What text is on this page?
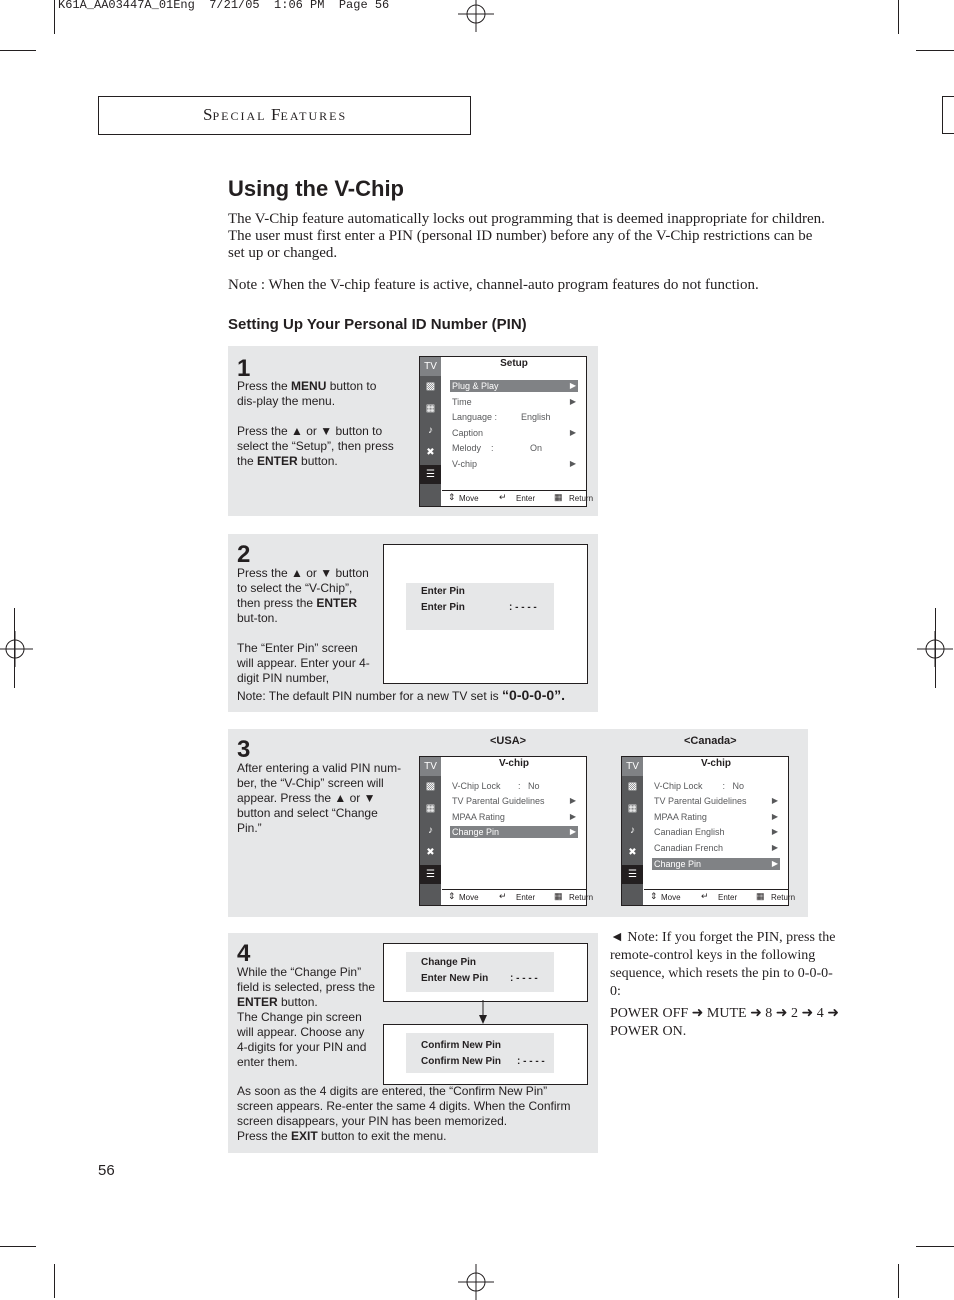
K61A_AA03447A_01Eng  7/21/05  1:06 PM  Page 56
SPECIAL FEATURES
Using the V-Chip
The V-Chip feature automatically locks out programming that is deemed inappropriate for children. The user must first enter a PIN (personal ID number) before any of the V-Chip restrictions can be set up or changed.
Note : When the V-chip feature is active, channel-auto program features do not function.
Setting Up Your Personal ID Number (PIN)
1
Press the MENU button to dis-play the menu.

Press the ▲ or ▼ button to select the “Setup”, then press the ENTER button.
TV
▩
▦
♪
✖
☰
Setup
Plug & Play	▶
Time	▶
Language :	English
Caption	▶
Melody    :	On
V-chip	▶
⇕ Move ↵ Enter ▦ Return
2
Press the ▲ or ▼ button to select the “V-Chip”, then press the ENTER but-ton.

The “Enter Pin” screen will appear. Enter your 4-digit PIN number,
Enter Pin
Enter Pin	: - - - -
Note: The default PIN number for a new TV set is “0-0-0-0”.
3
After entering a valid PIN num-ber, the “V-Chip” screen will appear. Press the ▲ or ▼ button and select “Change Pin.”
<USA>	<Canada>
TV
▩
▦
♪
✖
☰
V-chip
V-Chip Lock       :   No
TV Parental Guidelines	▶
MPAA Rating	▶
Change Pin	▶
⇕ Move ↵ Enter ▦ Return
TV
▩
▦
♪
✖
☰
V-chip
V-Chip Lock        :   No
TV Parental Guidelines	▶
MPAA Rating	▶
Canadian English	▶
Canadian French	▶
Change Pin	▶
⇕ Move ↵ Enter ▦ Return
4
While the “Change Pin” field is selected, press the ENTER button.
The Change pin screen will appear. Choose any 4-digits for your PIN and enter them.
Change Pin
Enter New Pin : - - - -
Confirm New Pin
Confirm New Pin : - - - -
As soon as the 4 digits are entered, the “Confirm New Pin” screen appears. Re-enter the same 4 digits. When the Confirm screen disappears, your PIN has been memorized.
Press the EXIT button to exit the menu.
◄ Note: If you forget the PIN, press the remote-control keys in the following sequence, which resets the pin to 0-0-0-0:
POWER OFF ➜ MUTE ➜ 8 ➜ 2 ➜ 4 ➜ POWER ON.
56
